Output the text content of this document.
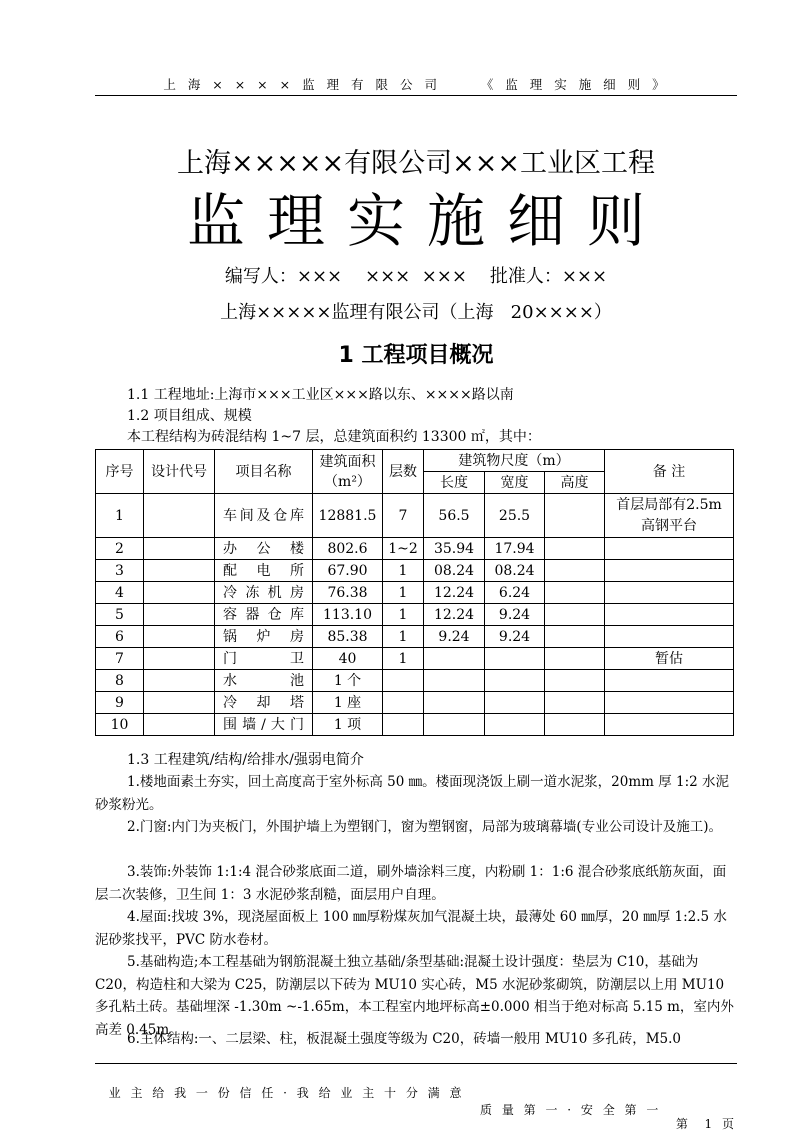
上 海 × × × × 监 理 有 限 公 司     《 监 理 实 施 细 则 》
上海×××××有限公司×××工业区工程
监理实施细则
编写人：×××    ×××  ×××    批准人：×××
上海×××××监理有限公司（上海   20××××）
1 工程项目概况
1.1 工程地址:上海市×××工业区×××路以东、××××路以南
1.2 项目组成、规模
本工程结构为砖混结构 1~7 层，总建筑面积约 13300 ㎡，其中：
序号	设计代号	项目名称	建筑面积（m²）	层数	建筑物尺度（m）			备 注
					长度	宽度	高度	
1		车间及仓库	12881.5	7	56.5	25.5		首层局部有2.5m 高钢平台
2		办公楼	802.6	1~2	35.94	17.94		
3		配电所	67.90	1	08.24	08.24		
4		冷冻机房	76.38	1	12.24	6.24		
5		容器仓库	113.10	1	12.24	9.24		
6		锅炉房	85.38	1	9.24	9.24		
7		门卫	40	1				暂估
8		水池	1 个					
9		冷却塔	1 座					
10		围墙/大门	1 项					
1.3 工程建筑/结构/给排水/强弱电简介
1.楼地面素土夯实，回土高度高于室外标高 50 ㎜。楼面现浇饭上刷一道水泥浆，20mm 厚 1:2 水泥砂浆粉光。
2.门窗:内门为夹板门，外围护墙上为塑钢门，窗为塑钢窗，局部为玻璃幕墙(专业公司设计及施工)。
3.装饰:外装饰 1:1:4 混合砂浆底面二道，刷外墙涂料三度，内粉刷 1：1:6 混合砂浆底纸筋灰面，面层二次装修，卫生间 1：3 水泥砂浆刮糙，面层用户自理。
4.屋面:找坡 3%，现浇屋面板上 100 ㎜厚粉煤灰加气混凝土块，最薄处 60 ㎜厚，20 ㎜厚 1:2.5 水泥砂浆找平，PVC 防水卷材。
5.基础构造;本工程基础为钢筋混凝土独立基础/条型基础:混凝土设计强度：垫层为 C10，基础为 C20，构造柱和大梁为 C25，防潮层以下砖为 MU10 实心砖，M5 水泥砂浆砌筑，防潮层以上用 MU10 多孔粘土砖。基础埋深 -1.30m ~-1.65m，本工程室内地坪标高±0.000 相当于绝对标高 5.15 m，室内外高差 0.45m。
6.主体结构:一、二层梁、柱，板混凝土强度等级为 C20，砖墙一般用 MU10 多孔砖，M5.0

业 主 给 我 一 份 信 任 · 我 给 业 主 十 分 满 意

质 量 第 一 · 安 全 第 一

第  1 页
